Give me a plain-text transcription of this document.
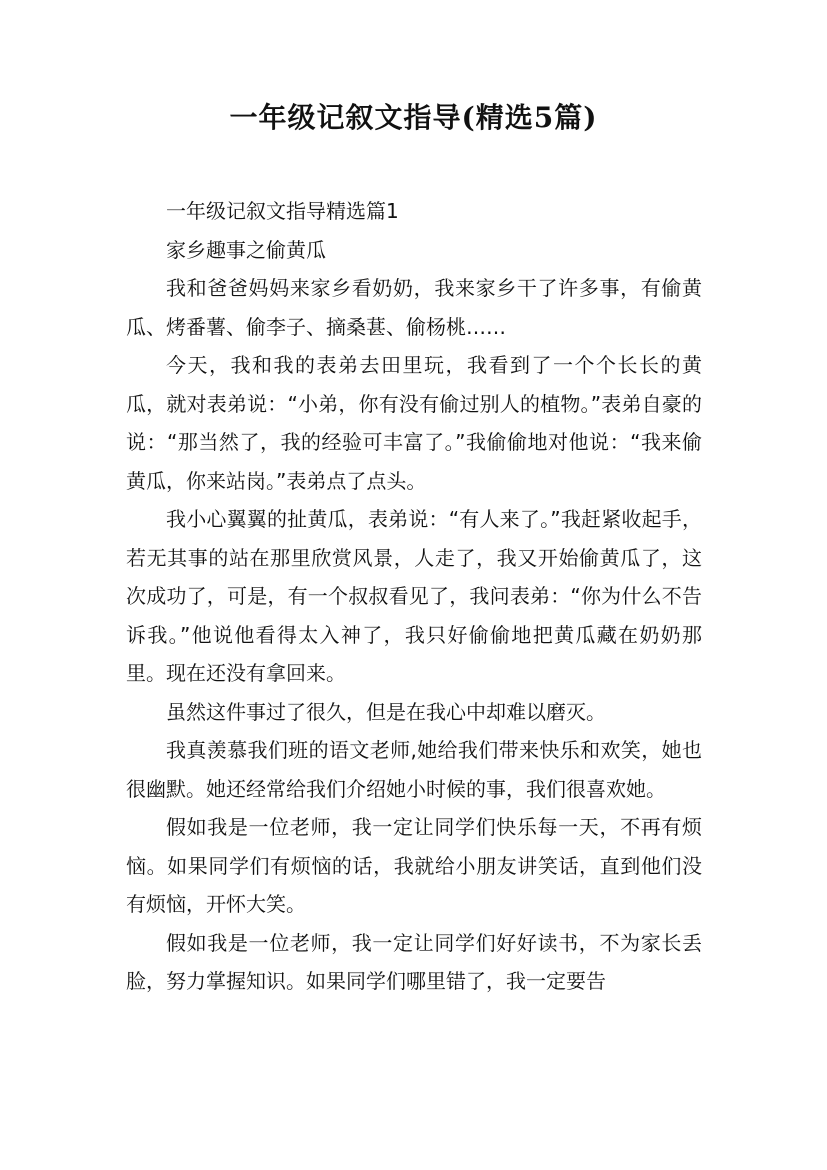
一年级记叙文指导(精选5篇)

一年级记叙文指导精选篇1

家乡趣事之偷黄瓜

我和爸爸妈妈来家乡看奶奶，我来家乡干了许多事，有偷黄瓜、烤番薯、偷李子、摘桑葚、偷杨桃……

今天，我和我的表弟去田里玩，我看到了一个个长长的黄瓜，就对表弟说：“小弟，你有没有偷过别人的植物。”表弟自豪的说：“那当然了，我的经验可丰富了。”我偷偷地对他说：“我来偷黄瓜，你来站岗。”表弟点了点头。

我小心翼翼的扯黄瓜，表弟说：“有人来了。”我赶紧收起手，若无其事的站在那里欣赏风景，人走了，我又开始偷黄瓜了，这次成功了，可是，有一个叔叔看见了，我问表弟：“你为什么不告诉我。”他说他看得太入神了，我只好偷偷地把黄瓜藏在奶奶那里。现在还没有拿回来。

虽然这件事过了很久，但是在我心中却难以磨灭。

我真羡慕我们班的语文老师,她给我们带来快乐和欢笑，她也很幽默。她还经常给我们介绍她小时候的事，我们很喜欢她。

假如我是一位老师，我一定让同学们快乐每一天，不再有烦恼。如果同学们有烦恼的话，我就给小朋友讲笑话，直到他们没有烦恼，开怀大笑。

假如我是一位老师，我一定让同学们好好读书，不为家长丢脸，努力掌握知识。如果同学们哪里错了，我一定要告
